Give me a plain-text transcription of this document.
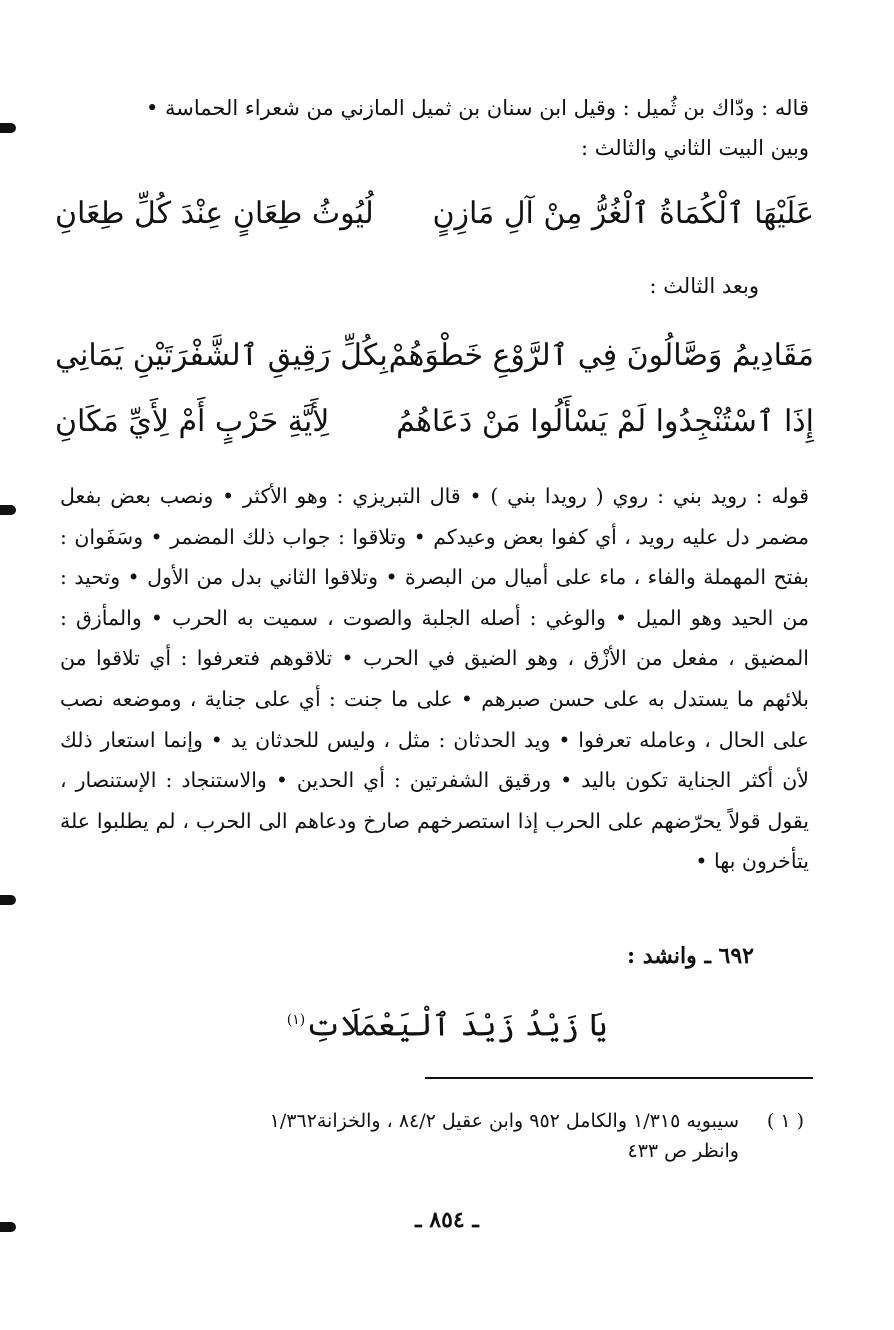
قاله : ودّاك بن ثُميل : وقيل ابن سنان بن ثميل المازني من شعراء الحماسة •
وبين البيت الثاني والثالث :
عَلَيْهَا ٱلْكُمَاةُ ٱلْغُرُّ مِنْ آلِ مَازِنٍ
لُيُوثُ طِعَانٍ عِنْدَ كُلِّ طِعَانِ
وبعد الثالث :
مَقَادِيمُ وَصَّالُونَ فِي ٱلرَّوْعِ خَطْوَهُمْ
بِكُلِّ رَقِيقِ ٱلشَّفْرَتَيْنِ يَمَانِي
إِذَا ٱسْتُنْجِدُوا لَمْ يَسْأَلُوا مَنْ دَعَاهُمُ
لِأَيَّةِ حَرْبٍ أَمْ لِأَيِّ مَكَانِ
قوله : رويد بني : روي ( رويدا بني ) • قال التبريزي : وهو الأكثر • ونصب بعض بفعل مضمر دل عليه رويد ، أي كفوا بعض وعيدكم • وتلاقوا : جواب ذلك المضمر • وسَفَوان : بفتح المهملة والفاء ، ماء على أميال من البصرة • وتلاقوا الثاني بدل من الأول • وتحيد : من الحيد وهو الميل • والوغي : أصله الجلبة والصوت ، سميت به الحرب • والمأزق : المضيق ، مفعل من الأزْق ، وهو الضيق في الحرب • تلاقوهم فتعرفوا : أي تلاقوا من بلائهم ما يستدل به على حسن صبرهم • على ما جنت : أي على جناية ، وموضعه نصب على الحال ، وعامله تعرفوا • ويد الحدثان : مثل ، وليس للحدثان يد • وإنما استعار ذلك لأن أكثر الجناية تكون باليد • ورقيق الشفرتين : أي الحدين • والاستنجاد : الإستنصار ، يقول قولاً يحرّضهم على الحرب إذا استصرخهم صارخ ودعاهم الى الحرب ، لم يطلبوا علة يتأخرون بها •
٦٩٢ ـ وانشد :
يَا زَيْدُ زَيْدَ ٱلْيَعْمَلَاتِ$^{(١)}$
( ١ )
سيبويه ١/٣١٥ والكامل ٩٥٢ وابن عقيل ٨٤/٢ ، والخزانة١/٣٦٢
وانظر ص ٤٣٣
ـ ٨٥٤ ـ
